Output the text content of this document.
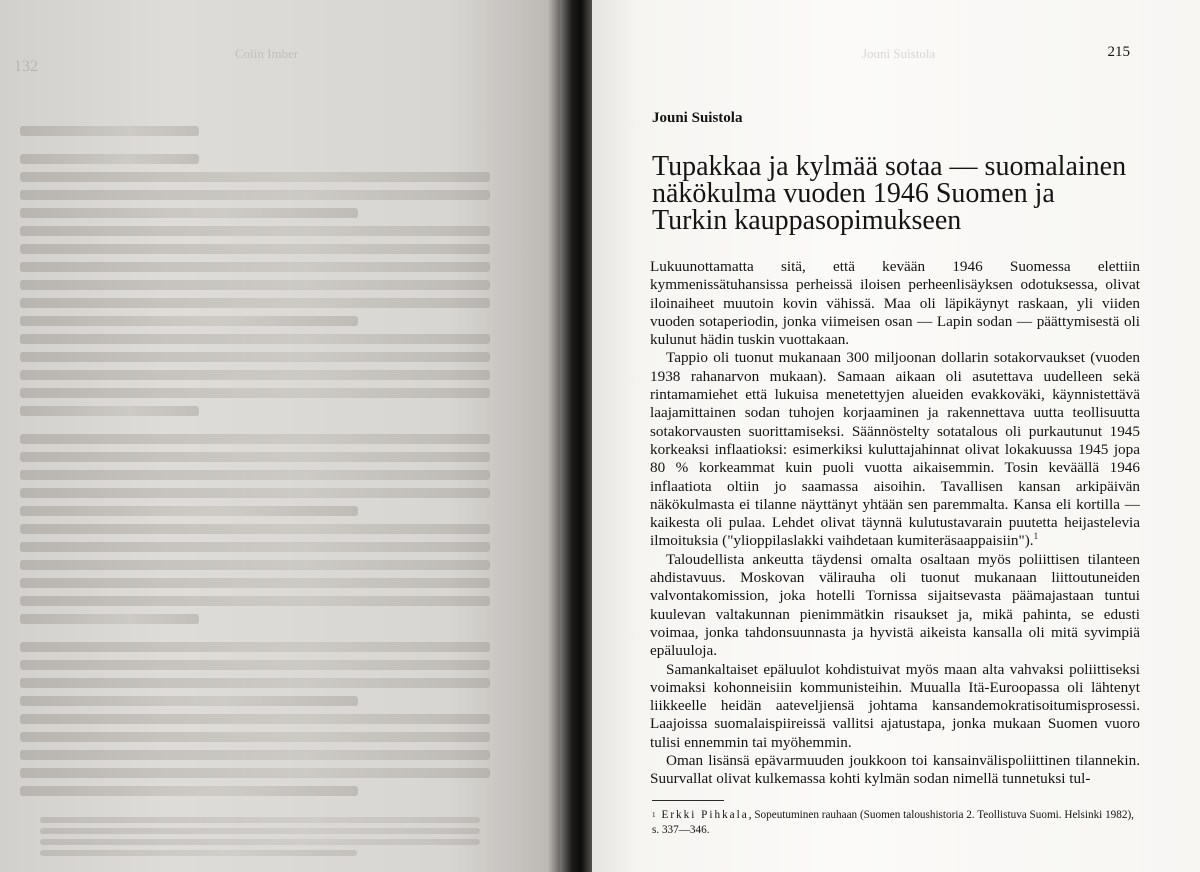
132
Colin Imber	Jouni Suistola	215
Jouni Suistola
Tupakkaa ja kylmää sotaa — suomalainen näkökulma vuoden 1946 Suomen ja Turkin kauppasopimukseen

Lukuunottamatta sitä, että kevään 1946 Suomessa elettiin kymmenissätuhansissa perheissä iloisen perheenlisäyksen odotuksessa, olivat iloinaiheet muutoin kovin vähissä. Maa oli läpikäynyt raskaan, yli viiden vuoden sotaperiodin, jonka viimeisen osan — Lapin sodan — päättymisestä oli kulunut hädin tuskin vuottakaan.

Tappio oli tuonut mukanaan 300 miljoonan dollarin sotakorvaukset (vuoden 1938 rahanarvon mukaan). Samaan aikaan oli asutettava uudelleen sekä rintamamiehet että lukuisa menetettyjen alueiden evakkoväki, käynnistettävä laajamittainen sodan tuhojen korjaaminen ja rakennettava uutta teollisuutta sotakorvausten suorittamiseksi. Säännöstelty sotatalous oli purkautunut 1945 korkeaksi inflaatioksi: esimerkiksi kuluttajahinnat olivat lokakuussa 1945 jopa 80 % korkeammat kuin puoli vuotta aikaisemmin. Tosin keväällä 1946 inflaatiota oltiin jo saamassa aisoihin. Tavallisen kansan arkipäivän näkökulmasta ei tilanne näyttänyt yhtään sen paremmalta. Kansa eli kortilla — kaikesta oli pulaa. Lehdet olivat täynnä kulutustavarain puutetta heijastelevia ilmoituksia ("ylioppilaslakki vaihdetaan kumiteräsaappaisiin").$^1$

Taloudellista ankeutta täydensi omalta osaltaan myös poliittisen tilanteen ahdistavuus. Moskovan välirauha oli tuonut mukanaan liittoutuneiden valvontakomission, joka hotelli Tornissa sijaitsevasta päämajastaan tuntui kuulevan valtakunnan pienimmätkin risaukset ja, mikä pahinta, se edusti voimaa, jonka tahdonsuunnasta ja hyvistä aikeista kansalla oli mitä syvimpiä epäluuloja.

Samankaltaiset epäluulot kohdistuivat myös maan alta vahvaksi poliittiseksi voimaksi kohonneisiin kommunisteihin. Muualla Itä-Euroopassa oli lähtenyt liikkeelle heidän aateveljiensä johtama kansandemokratisoitumisprosessi. Laajoissa suomalaispiireissä vallitsi ajatustapa, jonka mukaan Suomen vuoro tulisi ennemmin tai myöhemmin.

Oman lisänsä epävarmuuden joukkoon toi kansainvälispoliittinen tilannekin. Suurvallat olivat kulkemassa kohti kylmän sodan nimellä tunnetuksi tul-

$^1$ Erkki Pihkala, Sopeutuminen rauhaan (Suomen taloushistoria 2. Teollistuva Suomi. Helsinki 1982), s. 337—346.
